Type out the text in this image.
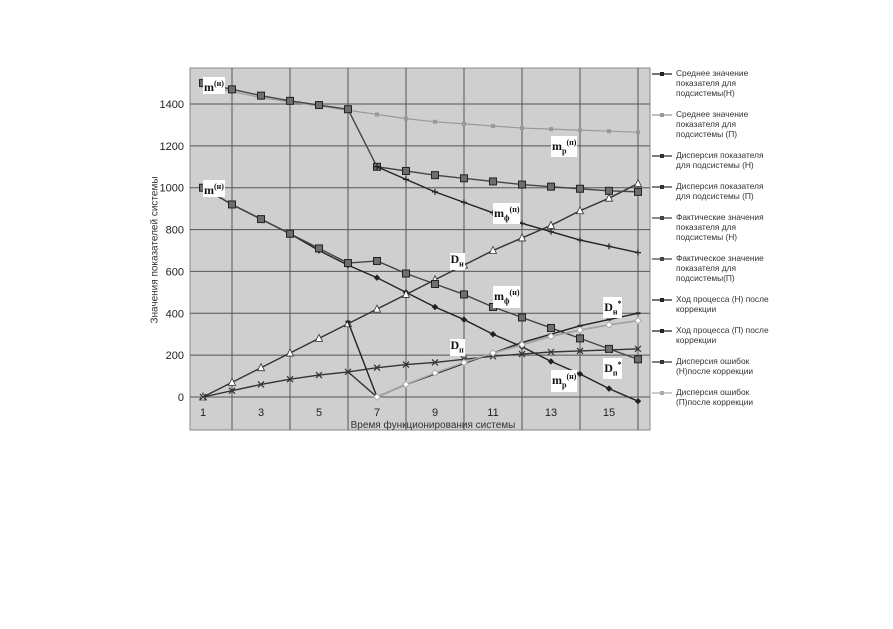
1	3	5	7	9	11	13	15
0
200
400
600
800
1000
1200
1400
Значения показателей системы
Время функционирования системы
Среднее значение показателя для подсистемы(Н)
Среднее значение показателя для подсистемы (П)
Дисперсия показателя для подсистемы (Н)
Дисперсия показателя для подсистемы (П)
Фактические значения показателя для подсистемы (Н)
Фактическое значение показателя для подсистемы(П)
Ход процесса (Н) после коррекции
Ход процесса (П) после коррекции
Дисперсия ошибок (Н)после коррекции
Дисперсия ошибок (П)после коррекции
$m^{(н)}$
$m^{(н)}$
$m_p^{(п)}$
$m_ф^{(п)}$
$D_н$
$m_ф^{(н)}$
$D_н^*$
$D_п$
$m_p^{(н)}$
$D_п^*$
